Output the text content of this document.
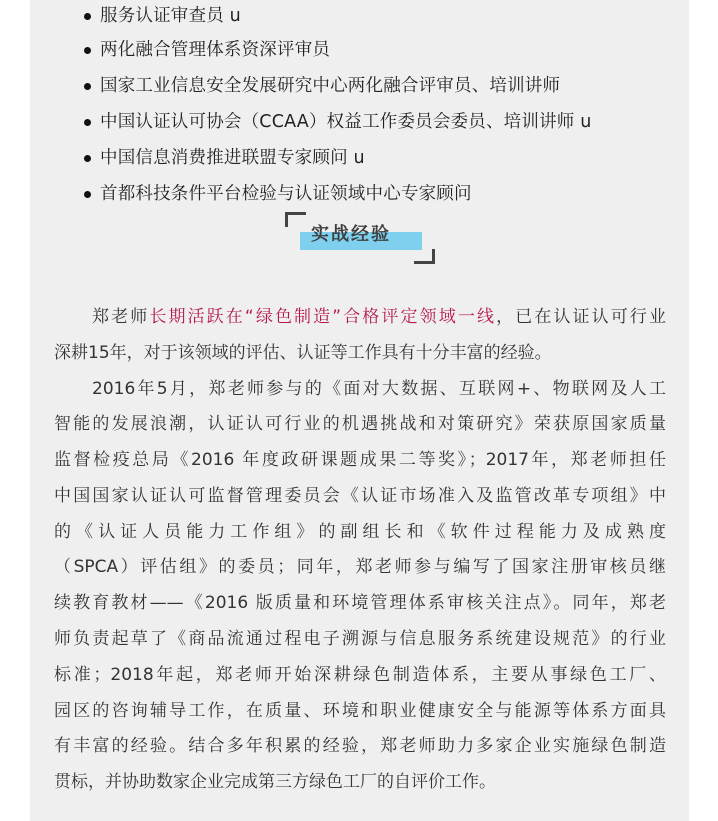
服务认证审查员 u
两化融合管理体系资深评审员
国家工业信息安全发展研究中心两化融合评审员、培训讲师
中国认证认可协会（CCAA）权益工作委员会委员、培训讲师 u
中国信息消费推进联盟专家顾问 u
首都科技条件平台检验与认证领域中心专家顾问
实战经验
郑老师长期活跃在“绿色制造”合格评定领域一线，已在认证认可行业
深耕15年，对于该领域的评估、认证等工作具有十分丰富的经验。
2016年5月，郑老师参与的《面对大数据、互联网+、物联网及人工
智能的发展浪潮，认证认可行业的机遇挑战和对策研究》荣获原国家质量
监督检疫总局《2016 年度政研课题成果二等奖》；2017年，郑老师担任
中国国家认证认可监督管理委员会《认证市场准入及监管改革专项组》中
的《认证人员能力工作组》的副组长和《软件过程能力及成熟度
（SPCA）评估组》的委员；同年，郑老师参与编写了国家注册审核员继
续教育教材——《2016 版质量和环境管理体系审核关注点》。同年，郑老
师负责起草了《商品流通过程电子溯源与信息服务系统建设规范》的行业
标准；2018年起，郑老师开始深耕绿色制造体系，主要从事绿色工厂、
园区的咨询辅导工作，在质量、环境和职业健康安全与能源等体系方面具
有丰富的经验。结合多年积累的经验，郑老师助力多家企业实施绿色制造
贯标，并协助数家企业完成第三方绿色工厂的自评价工作。
